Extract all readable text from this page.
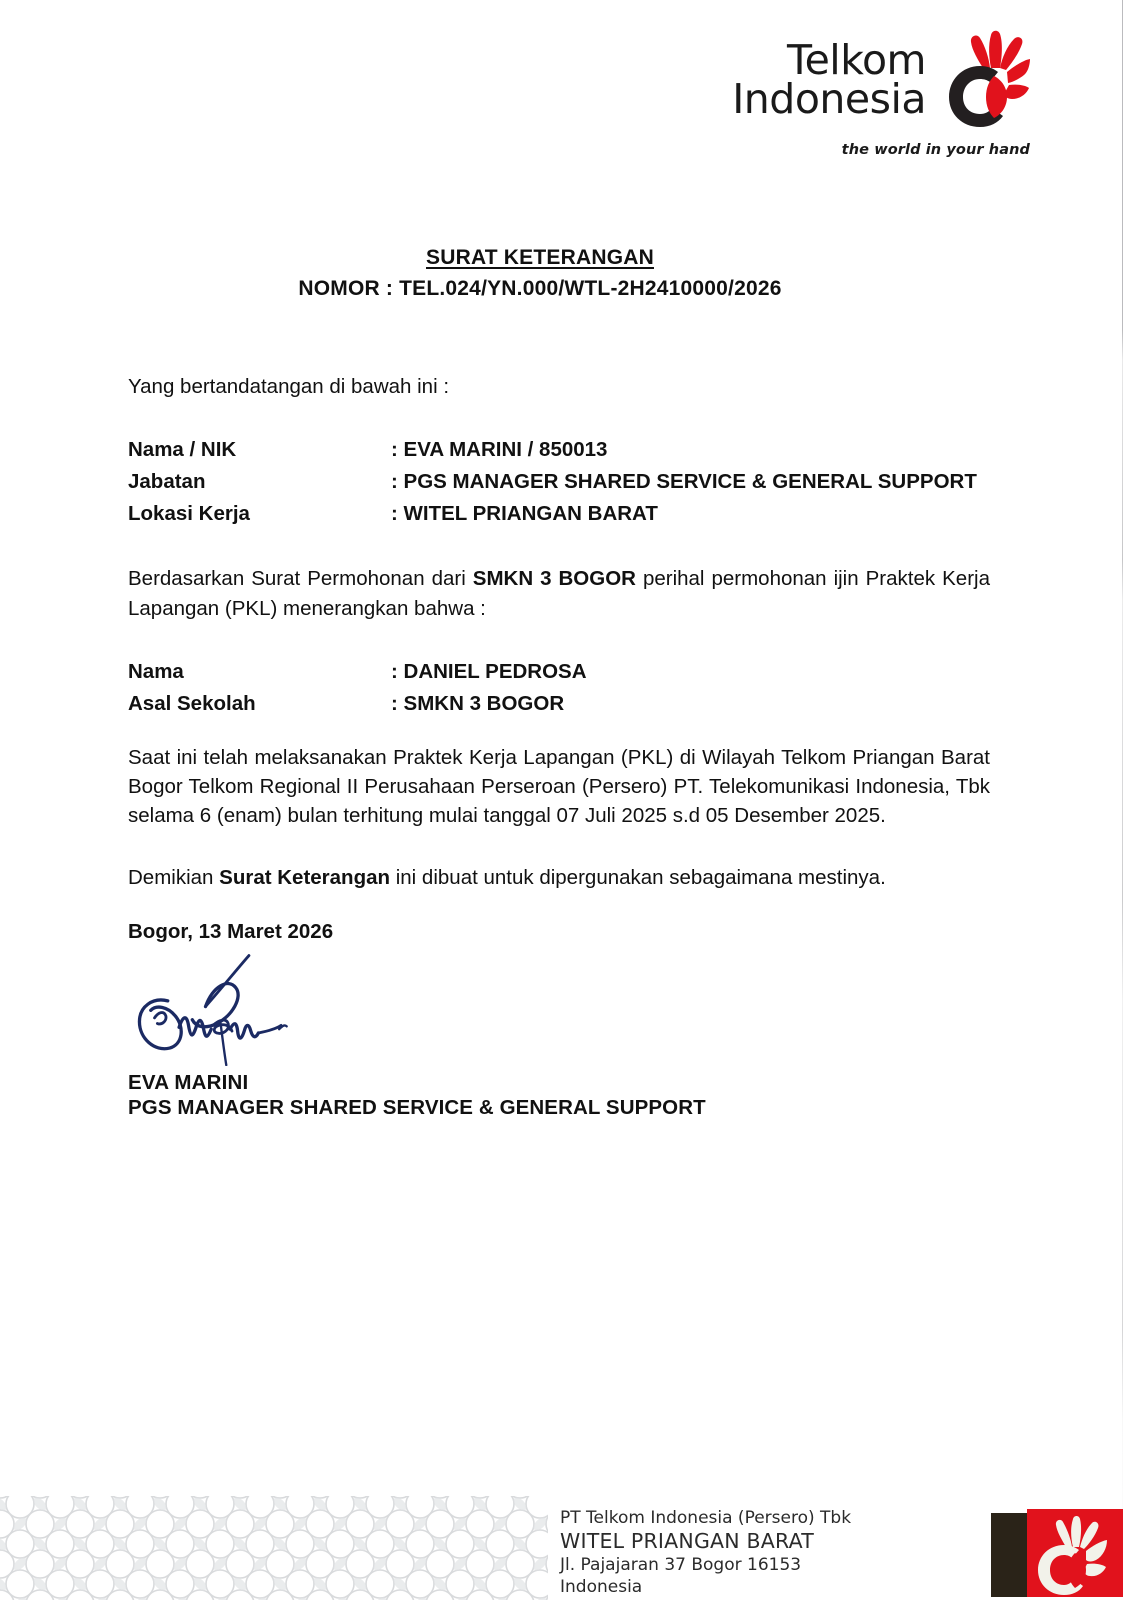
Telkom
Indonesia
the world in your hand
SURAT KETERANGAN
NOMOR : TEL.024/YN.000/WTL-2H2410000/2026

Yang bertandatangan di bawah ini :

Nama / NIK	: EVA MARINI / 850013
Jabatan	: PGS MANAGER SHARED SERVICE & GENERAL SUPPORT
Lokasi Kerja	: WITEL PRIANGAN BARAT

Berdasarkan Surat Permohonan dari SMKN 3 BOGOR perihal permohonan ijin Praktek Kerja Lapangan (PKL) menerangkan bahwa :

Nama	: DANIEL PEDROSA
Asal Sekolah	: SMKN 3 BOGOR

Saat ini telah melaksanakan Praktek Kerja Lapangan (PKL) di Wilayah Telkom Priangan Barat Bogor Telkom Regional II Perusahaan Perseroan (Persero) PT. Telekomunikasi Indonesia, Tbk selama 6 (enam) bulan terhitung mulai tanggal 07 Juli 2025 s.d 05 Desember 2025.

Demikian Surat Keterangan ini dibuat untuk dipergunakan sebagaimana mestinya.

Bogor, 13 Maret 2026
EVA MARINI
PGS MANAGER SHARED SERVICE & GENERAL SUPPORT
PT Telkom Indonesia (Persero) Tbk
WITEL PRIANGAN BARAT
Jl. Pajajaran 37 Bogor 16153
Indonesia
